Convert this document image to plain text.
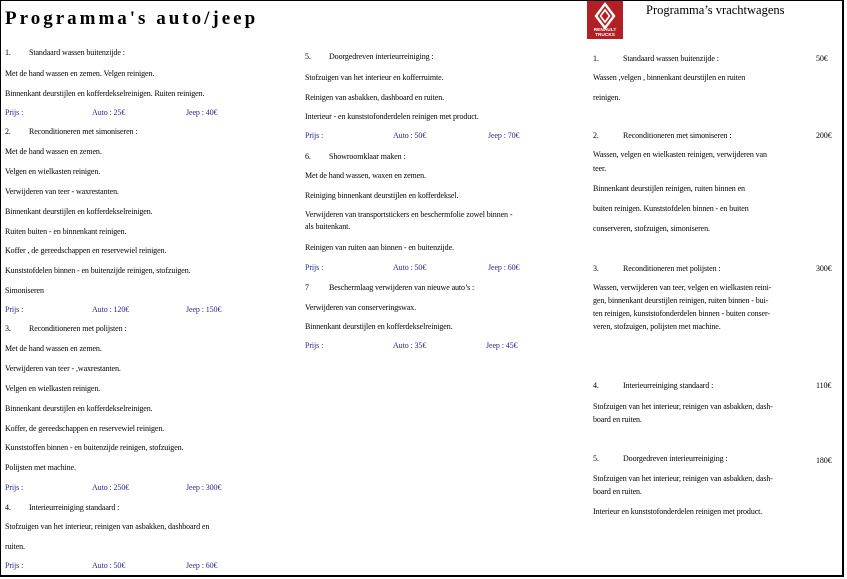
Programma's auto/jeep
RENAULT
TRUCKS
Programma’s vrachtwagens
1. Standaard wassen buitenzijde :
Met de hand wassen en zemen. Velgen reinigen.
Binnenkant deurstijlen en kofferdekselreinigen. Ruiten reinigen.
Prijs :	Auto : 25€	Jeep : 40€
2. Reconditioneren met simoniseren :
Met de hand wassen en zemen.
Velgen en wielkasten reinigen.
Verwijderen van teer - waxrestanten.
Binnenkant deurstijlen en kofferdekselreinigen.
Ruiten buiten - en binnenkant reinigen.
Koffer , de gereedschappen en reservewiel reinigen.
Kunststofdelen binnen - en buitenzijde reinigen, stofzuigen.
Simoniseren
Prijs :	Auto : 120€	Jeep : 150€
3. Reconditioneren met polijsten :
Met de hand wassen en zemen.
Verwijderen van teer - ,waxrestanten.
Velgen en wielkasten reinigen.
Binnenkant deurstijlen en kofferdekselreinigen.
Koffer, de gereedschappen en reservewiel reinigen.
Kunststoffen binnen - en buitenzijde reinigen, stofzuigen.
Polijsten met machine.
Prijs :	Auto : 250€	Jeep : 300€
4. Interieurreiniging standaard :
Stofzuigen van het interieur, reinigen van asbakken, dashboard en
ruiten.
Prijs :	Auto : 50€	Jeep : 60€
5. Doorgedreven interieurreiniging :
Stofzuigen van het interieur en kofferruimte.
Reinigen van asbakken, dashboard en ruiten.
Interieur - en kunststofonderdelen reinigen met product.
Prijs :	Auto : 50€	Jeep : 70€
6. Showroomklaar maken :
Met de hand wassen, waxen en zemen.
Reiniging binnenkant deurstijlen en kofferdeksel.
Verwijderen van transportstickers en beschermfolie zowel binnen -
als buitenkant.
Reinigen van ruiten aan binnen - en buitenzijde.
Prijs :	Auto : 50€	Jeep : 60€
7	Beschermlaag verwijderen van nieuwe auto’s :
Verwijderen van conserveringswax.
Binnenkant deurstijlen en kofferdekselreinigen.
Prijs :	Auto : 35€	Jeep : 45€
1.	Standaard wassen buitenzijde :	50€
Wassen ,velgen , binnenkant deurstijlen en ruiten
reinigen.
2.	Reconditioneren met simoniseren :	200€
Wassen, velgen en wielkasten reinigen, verwijderen van
teer.
Binnenkant deurstijlen reinigen, ruiten binnen en
buiten reinigen. Kunststofdelen binnen - en buiten
conserveren, stofzuigen, simoniseren.
3.	Reconditioneren met polijsten :	300€
Wassen, verwijderen van teer, velgen en wielkasten reini-
gen, binnenkant deurstijlen reinigen, ruiten binnen - bui-
ten reinigen, kunststofonderdelen binnen - buiten conser-
veren, stofzuigen, polijsten met machine.
4.	Interieurreiniging standaard :	110€
Stofzuigen van het interieur, reinigen van asbakken, dash-
board en ruiten.
5.	Doorgedreven interieurreiniging :	180€
Stofzuigen van het interieur, reinigen van asbakken, dash-
board en ruiten.
Interieur en kunststofonderdelen reinigen met product.
